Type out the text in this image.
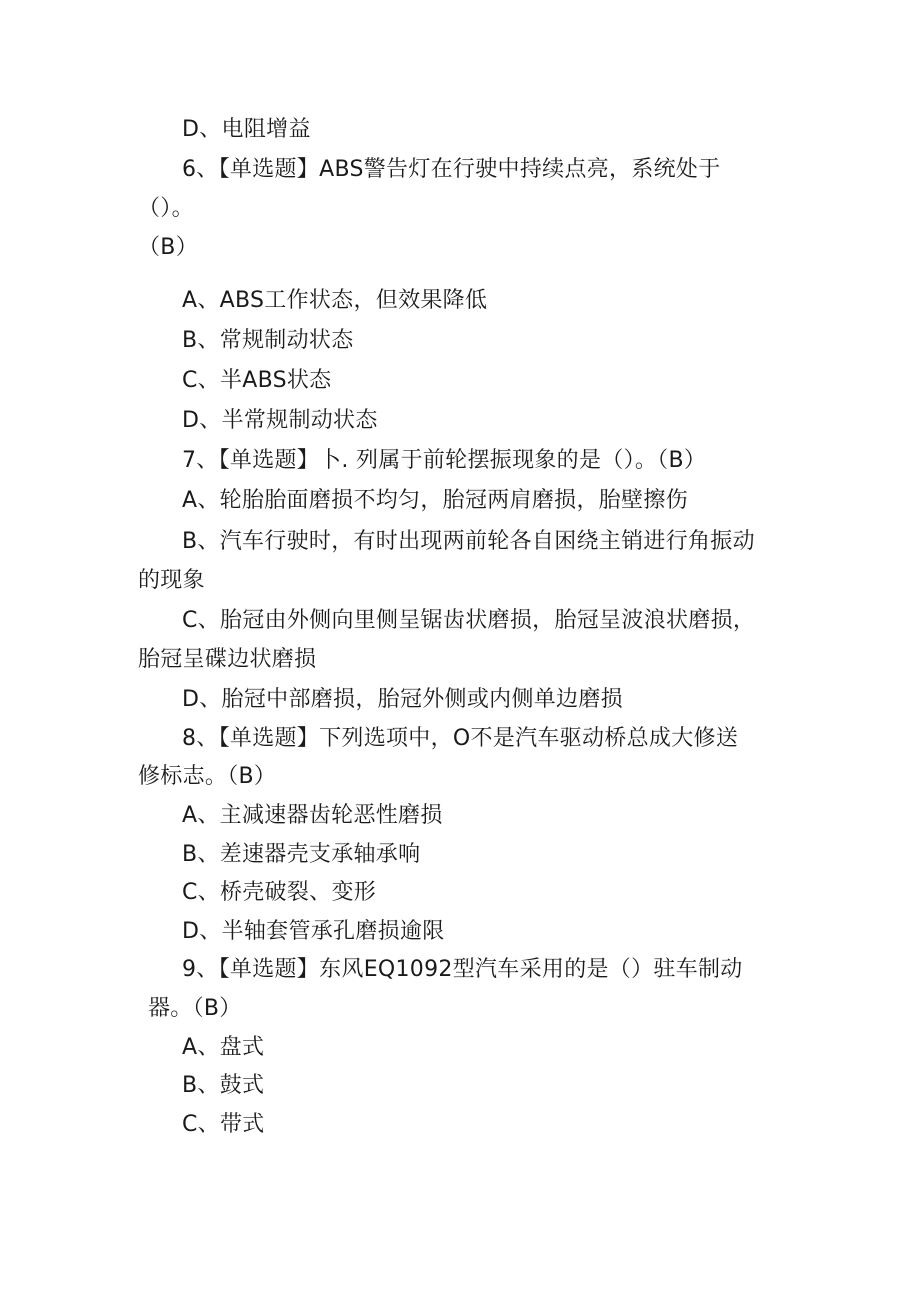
D、电阻增益
6、【单选题】ABS警告灯在行驶中持续点亮，系统处于
（）。
（B）
A、ABS工作状态，但效果降低
B、常规制动状态
C、半ABS状态
D、半常规制动状态
7、【单选题】卜. 列属于前轮摆振现象的是（）。（B）
A、轮胎胎面磨损不均匀，胎冠两肩磨损，胎壁擦伤
B、汽车行驶时，有时出现两前轮各自困绕主销进行角振动
的现象
C、胎冠由外侧向里侧呈锯齿状磨损，胎冠呈波浪状磨损，
胎冠呈碟边状磨损
D、胎冠中部磨损，胎冠外侧或内侧单边磨损
8、【单选题】下列选项中，O不是汽车驱动桥总成大修送
修标志。（B）
A、主减速器齿轮恶性磨损
B、差速器壳支承轴承响
C、桥壳破裂、变形
D、半轴套管承孔磨损逾限
9、【单选题】东风EQ1092型汽车采用的是（）驻车制动
器。（B）
A、盘式
B、鼓式
C、带式
